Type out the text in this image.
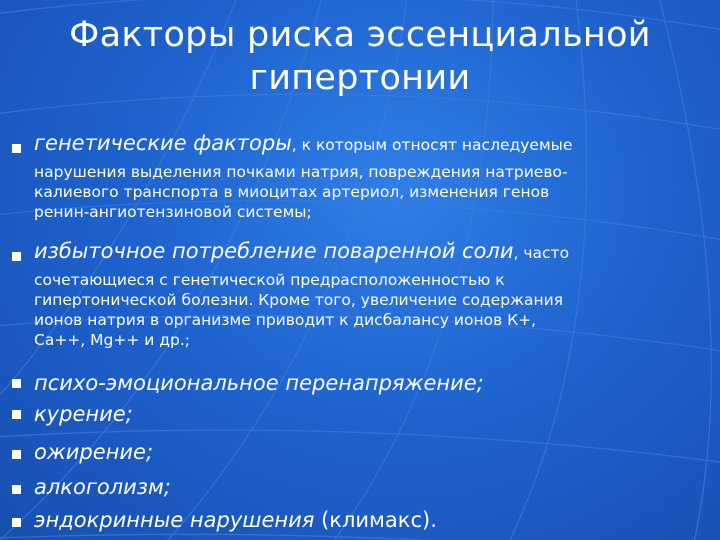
Факторы риска эссенциальной
гипертонии
генетические факторы, к которым относят наследуемые
нарушения выделения почками натрия, повреждения натриево-
калиевого транспорта в миоцитах артериол, изменения генов
ренин-ангиотензиновой системы;
избыточное потребление поваренной соли, часто
сочетающиеся с генетической предрасположенностью к
гипертонической болезни. Кроме того, увеличение содержания
ионов натрия в организме приводит к дисбалансу ионов К+,
Са++, Мg++ и др.;
психо-эмоциональное перенапряжение;
курение;
ожирение;
алкоголизм;
эндокринные нарушения (климакс).
